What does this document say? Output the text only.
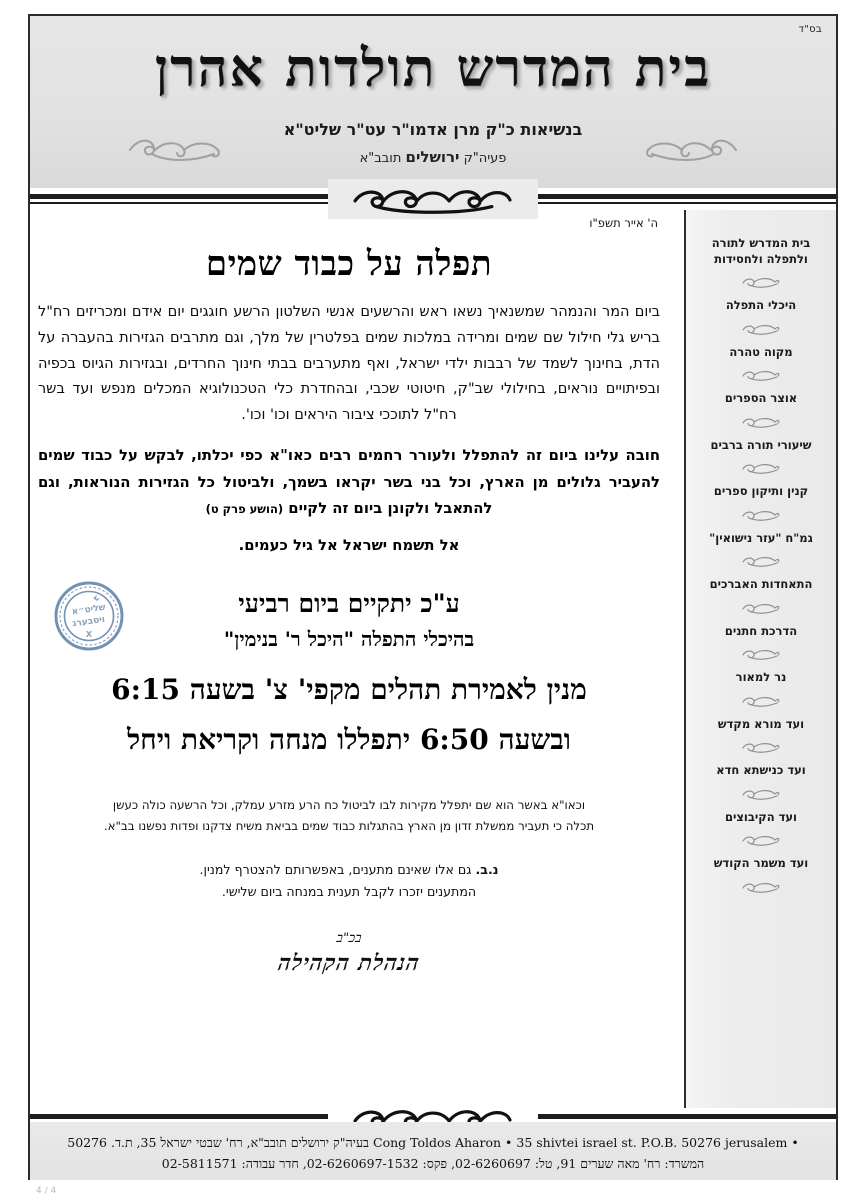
בס"ד
בית המדרש תולדות אהרן
בנשיאות כ"ק מרן אדמו"ר עט"ר שליט"א
פעיה"ק ירושלים תובב"א
בית המדרש לתורה ולתפלה ולחסידות
היכלי התפלה
מקוה טהרה
אוצר הספרים
שיעורי תורה ברבים
קנין ותיקון ספרים
גמ"ח "עזר נישואין"
התאחדות האברכים
הדרכת חתנים
נר למאור
ועד מורא מקדש
ועד כנישתא חדא
ועד הקיבוצים
ועד משמר הקודש
ה' אייר תשפ"ו
תפלה על כבוד שמים

ביום המר והנמהר שמשנאיך נשאו ראש והרשעים אנשי השלטון הרשע חוגגים יום אידם ומכריזים רח"ל בריש גלי חילול שם שמים ומרידה במלכות שמים בפלטרין של מלך, וגם מתרבים הגזירות בהעברה על הדת, בחינוך לשמד של רבבות ילדי ישראל, ואף מתערבים בבתי חינוך החרדים, ובגזירות הגיוס בכפיה ובפיתויים נוראים, בחילולי שב"ק, חיטוטי שכבי, ובהחדרת כלי הטכנולוגיא המכלים מנפש ועד בשר רח"ל לתוככי ציבור היראים וכו' וכו'.

חובה עלינו ביום זה להתפלל ולעורר רחמים רבים כאו"א כפי יכלתו, לבקש על כבוד שמים להעביר גלולים מן הארץ, וכל בני בשר יקראו בשמך, ולביטול כל הגזירות הנוראות, וגם להתאבל ולקונן ביום זה לקיים (הושע פרק ט)

אל תשמח ישראל אל גיל כעמים.

שליט״א
ויסבערג
X
ע"כ יתקיים ביום רביעי
בהיכלי התפלה "היכל ר' בנימין"
מנין לאמירת תהלים מקפי' צ' בשעה 6:15
ובשעה 6:50 יתפללו מנחה וקריאת ויחל
וכאו"א באשר הוא שם יתפלל מקירות לבו לביטול כח הרע מזרע עמלק, וכל הרשעה כולה כעשן
תכלה כי תעביר ממשלת זדון מן הארץ בהתגלות כבוד שמים בביאת משיח צדקנו ופדות נפשנו בב"א.
נ.ב. גם אלו שאינם מתענים, באפשרותם להצטרף למנין.
המתענים יזכרו לקבל תענית במנחה ביום שלישי.
בכ"ב
הנהלת הקהילה
Cong Toldos Aharon • 35 shivtei israel st. P.O.B. 50276 jerusalem • בעיה"ק ירושלים תובב"א, רח' שבטי ישראל 35, ת.ד. 50276
המשרד: רח' מאה שערים 91, טל: 02-6260697, פקס: 02-6260697-1532, חדר עבודה: 02-5811571
4 / 4
